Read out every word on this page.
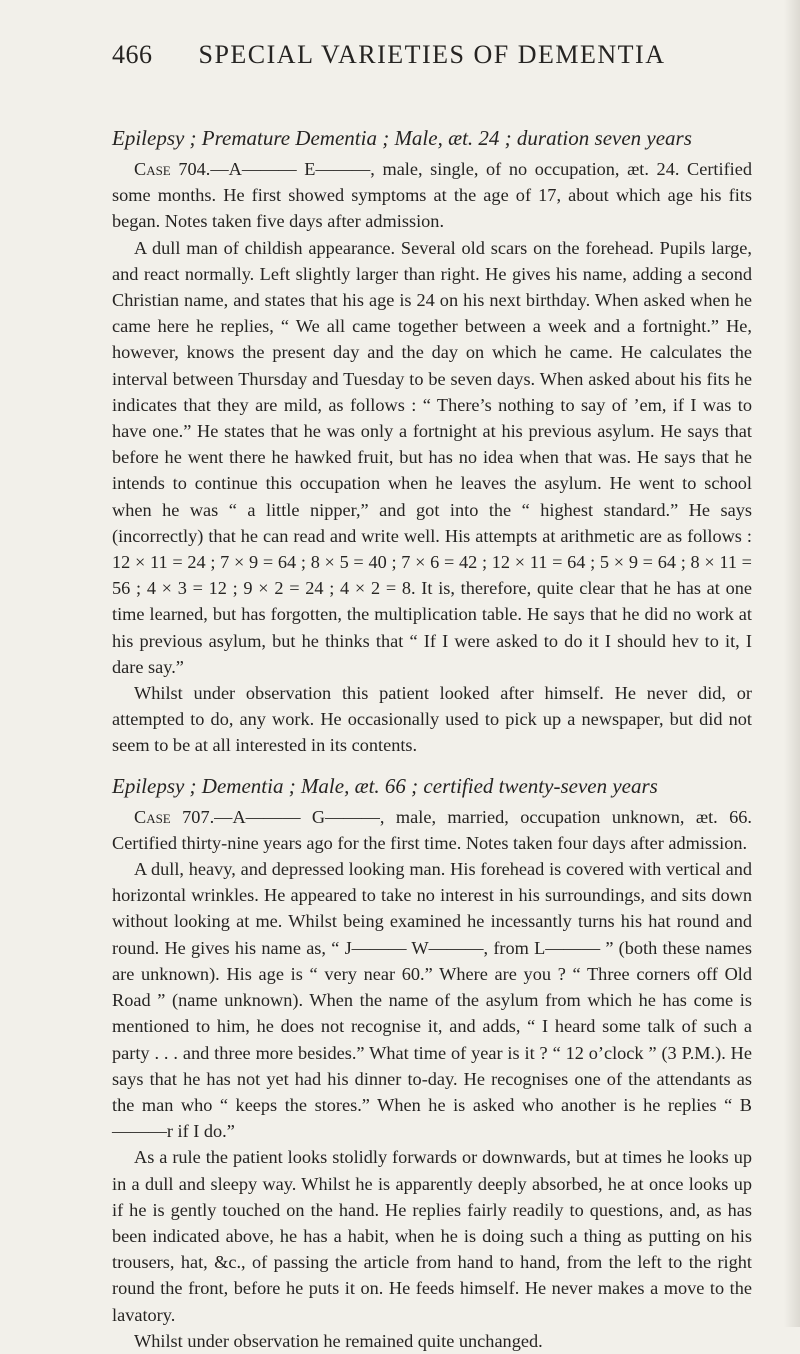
466	SPECIAL VARIETIES OF DEMENTIA
Epilepsy ; Premature Dementia ; Male, æt. 24 ; duration seven years

Case 704.—A——— E———, male, single, of no occupation, æt. 24. Certified some months. He first showed symptoms at the age of 17, about which age his fits began. Notes taken five days after admission.

A dull man of childish appearance. Several old scars on the forehead. Pupils large, and react normally. Left slightly larger than right. He gives his name, adding a second Christian name, and states that his age is 24 on his next birthday. When asked when he came here he replies, “ We all came together between a week and a fortnight.” He, however, knows the present day and the day on which he came. He calculates the interval between Thursday and Tuesday to be seven days. When asked about his fits he indicates that they are mild, as follows : “ There’s nothing to say of ’em, if I was to have one.” He states that he was only a fortnight at his previous asylum. He says that before he went there he hawked fruit, but has no idea when that was. He says that he intends to continue this occupation when he leaves the asylum. He went to school when he was “ a little nipper,” and got into the “ highest standard.” He says (incorrectly) that he can read and write well. His attempts at arithmetic are as follows : 12 × 11 = 24 ; 7 × 9 = 64 ; 8 × 5 = 40 ; 7 × 6 = 42 ; 12 × 11 = 64 ; 5 × 9 = 64 ; 8 × 11 = 56 ; 4 × 3 = 12 ; 9 × 2 = 24 ; 4 × 2 = 8. It is, therefore, quite clear that he has at one time learned, but has forgotten, the multiplication table. He says that he did no work at his previous asylum, but he thinks that “ If I were asked to do it I should hev to it, I dare say.”

Whilst under observation this patient looked after himself. He never did, or attempted to do, any work. He occasionally used to pick up a newspaper, but did not seem to be at all interested in its contents.

Epilepsy ; Dementia ; Male, æt. 66 ; certified twenty-seven years

Case 707.—A——— G———, male, married, occupation unknown, æt. 66. Certified thirty-nine years ago for the first time. Notes taken four days after admission.

A dull, heavy, and depressed looking man. His forehead is covered with vertical and horizontal wrinkles. He appeared to take no interest in his surroundings, and sits down without looking at me. Whilst being examined he incessantly turns his hat round and round. He gives his name as, “ J——— W———, from L——— ” (both these names are unknown). His age is “ very near 60.” Where are you ? “ Three corners off Old Road ” (name unknown). When the name of the asylum from which he has come is mentioned to him, he does not recognise it, and adds, “ I heard some talk of such a party . . . and three more besides.” What time of year is it ? “ 12 o’clock ” (3 P.M.). He says that he has not yet had his dinner to-day. He recognises one of the attendants as the man who “ keeps the stores.” When he is asked who another is he replies “ B———r if I do.”

As a rule the patient looks stolidly forwards or downwards, but at times he looks up in a dull and sleepy way. Whilst he is apparently deeply absorbed, he at once looks up if he is gently touched on the hand. He replies fairly readily to questions, and, as has been indicated above, he has a habit, when he is doing such a thing as putting on his trousers, hat, &c., of passing the article from hand to hand, from the left to the right round the front, before he puts it on. He feeds himself. He never makes a move to the lavatory.

Whilst under observation he remained quite unchanged.
